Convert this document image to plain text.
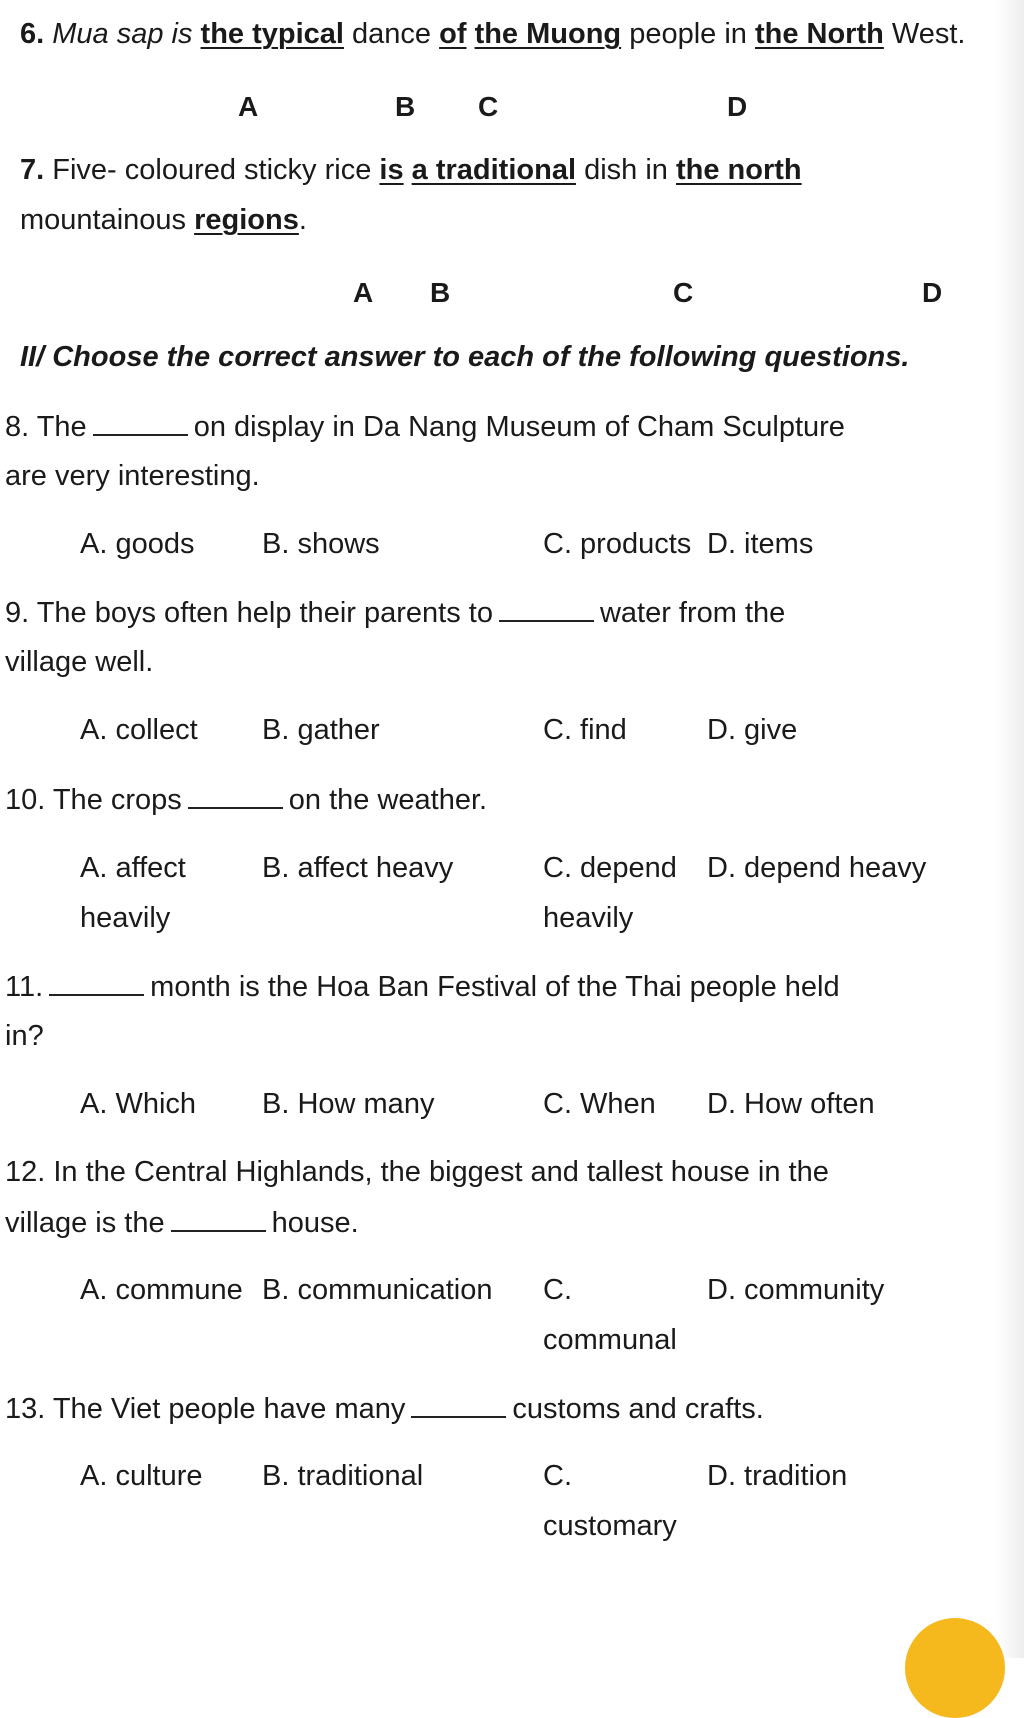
6. Mua sap is the typical dance of the Muong people in the North West.
A	B C	D
7. Five- coloured sticky rice is a traditional dish in the north
mountainous regions.
A B	C	D
II/ Choose the correct answer to each of the following questions.
8. The	on display in Da Nang Museum of Cham Sculpture
are very interesting.
A. goods B. shows	C. products D. items
9. The boys often help their parents to	water from the
village well.
A. collect B. gather	C. find	D. give
10. The crops	on the weather.
A. affect
heavily
B. affect heavy	C. depend
heavily
D. depend heavy
11.	month is the Hoa Ban Festival of the Thai people held
in?
A. Which B. How many	C. When D. How often
12. In the Central Highlands, the biggest and tallest house in the
village is the	house.
A. commune B. communication C.
communal
D. community
13. The Viet people have many	customs and crafts.
A. culture B. traditional	C.
customary
D. tradition
